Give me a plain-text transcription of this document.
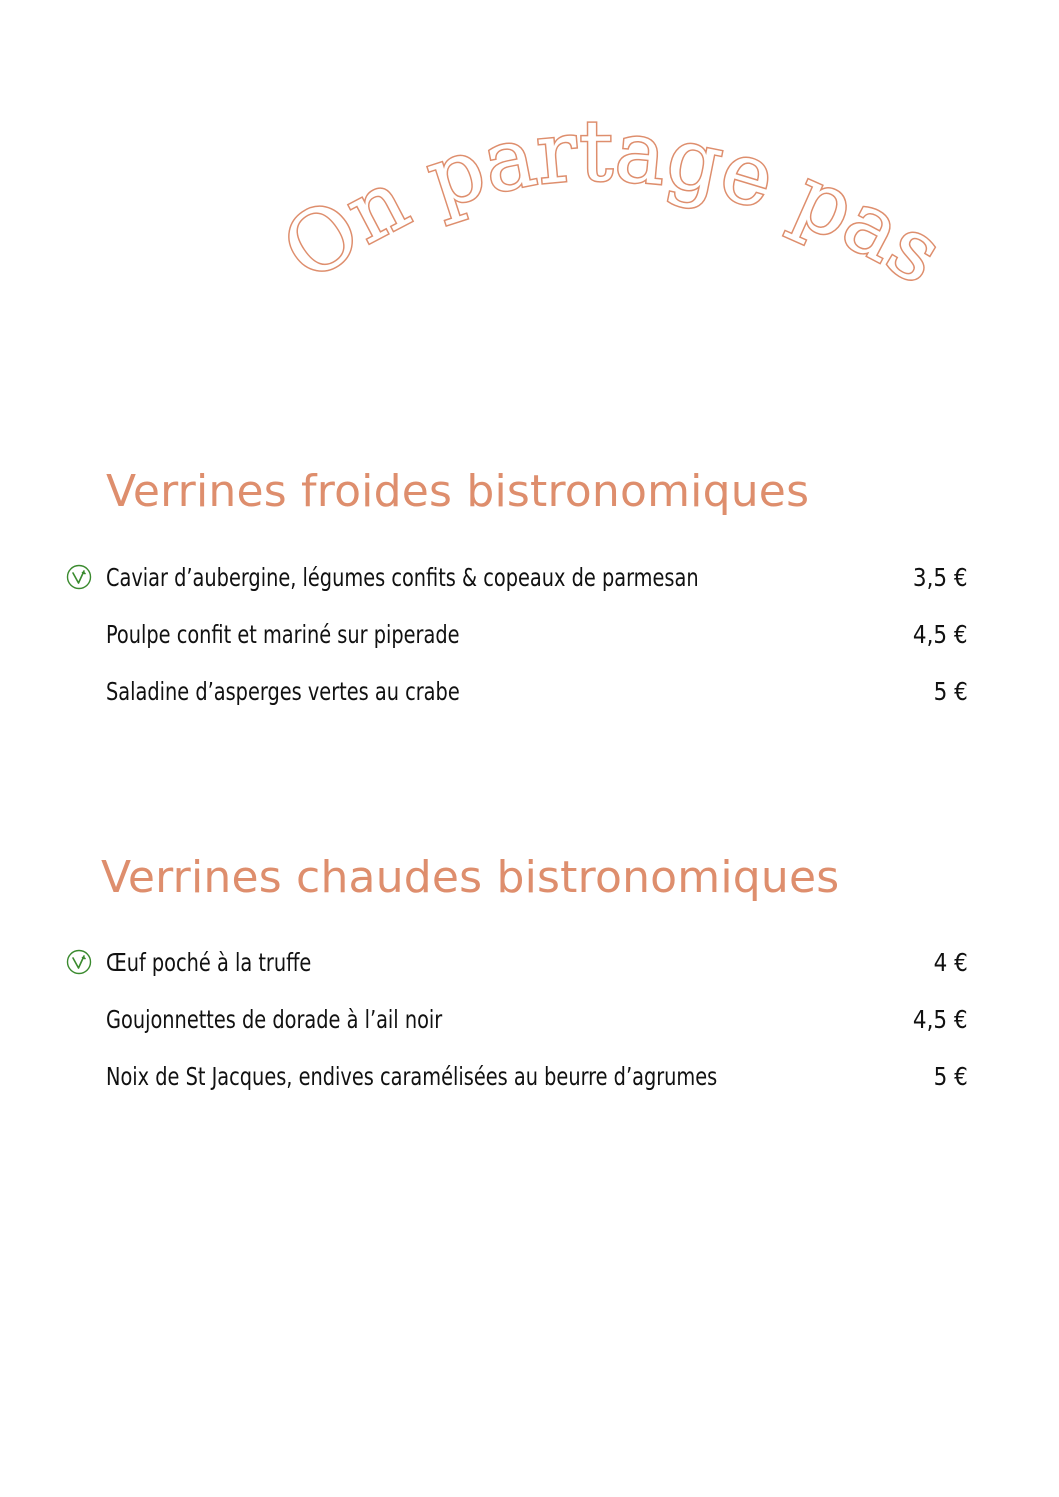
On partage pas
Verrines froides bistronomiques
Caviar d’aubergine, légumes confits & copeaux de parmesan	3,5 €
Poulpe confit et mariné sur piperade	4,5 €
Saladine d’asperges vertes au crabe	5 €
Verrines chaudes bistronomiques
Œuf poché à la truffe	4 €
Goujonnettes de dorade à l’ail noir	4,5 €
Noix de St Jacques, endives caramélisées au beurre d’agrumes	5 €
